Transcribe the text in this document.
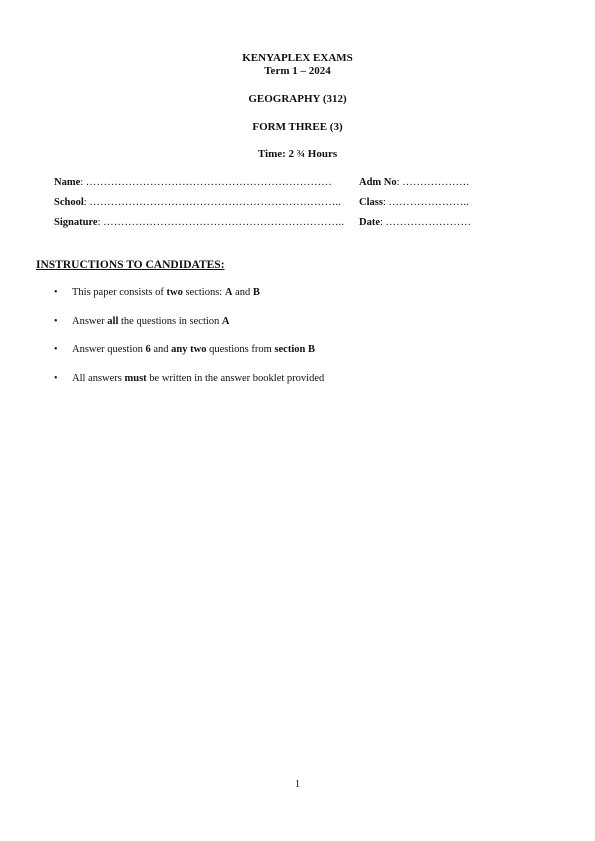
KENYAPLEX EXAMS
Term 1 – 2024
GEOGRAPHY (312)
FORM THREE (3)
Time: 2 ¾ Hours
Name: ……………………………………………………………	Adm No: ……………….
School: …………………………………………………………….. Class: …………………..
Signature: ………………………………………………………….. Date: ……………………
INSTRUCTIONS TO CANDIDATES:
• This paper consists of two sections: A and B
• Answer all the questions in section A
• Answer question 6 and any two questions from section B
• All answers must be written in the answer booklet provided
1
